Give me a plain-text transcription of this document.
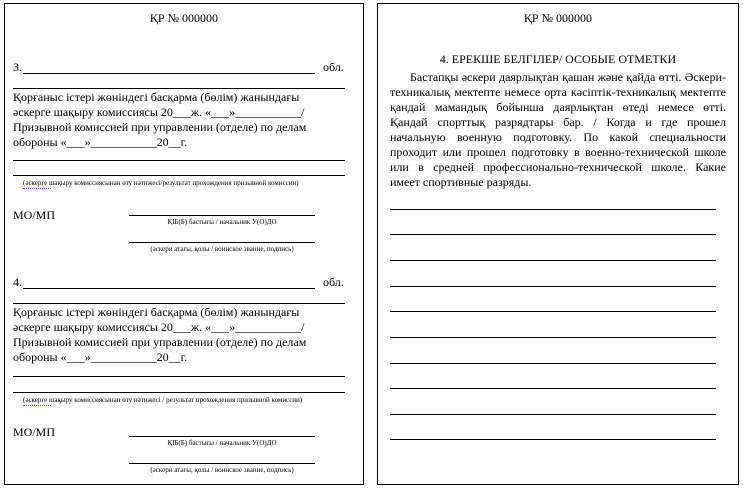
ҚР № 000000
3.	обл.
Қорғаныс істері жөніндегі басқарма (бөлім) жанындағы
әскерге шақыру комиссиясы 20___ж. «___»___________/
Призывной комиссией при управлении (отделе) по делам
обороны «___»___________20__г.
(әскерге шақыру комиссиясынан өту нәтижесі/результат прохождения призывной комиссии)
МО/МП	ҚІБ(Б) бастығы / начальник У(О)ДО
(әскери атағы, қолы / воинское звание, подпись)
4.	обл.
Қорғаныс істері жөніндегі басқарма (бөлім) жанындағы
әскерге шақыру комиссиясы 20___ж. «___»___________/
Призывной комиссией при управлении (отделе) по делам
обороны «___»___________20__г.
(әскерге шақыру комиссиясынан өту нәтижесі / результат прохождения призывной комиссии)
МО/МП
ҚІБ(Б) бастығы / начальник У(О)ДО
(әскери атағы, қолы / воинское звание, подпись)
ҚР № 000000
4. ЕРЕКШЕ БЕЛГІЛЕР/ ОСОБЫЕ ОТМЕТКИ
Бастапқы әскери даярлықтан қашан және қайда өтті. Әскери-техникалық мектепте немесе орта кәсіптік-техникалық мектепте қандай мамандық бойынша даярлықтан өтеді немесе өтті. Қандай спорттық разрядтары бар. / Когда и где прошел начальную военную подготовку. По какой специальности проходит или прошел подготовку в военно-технической школе или в средней профессионально-технической школе. Какие имеет спортивные разряды.
